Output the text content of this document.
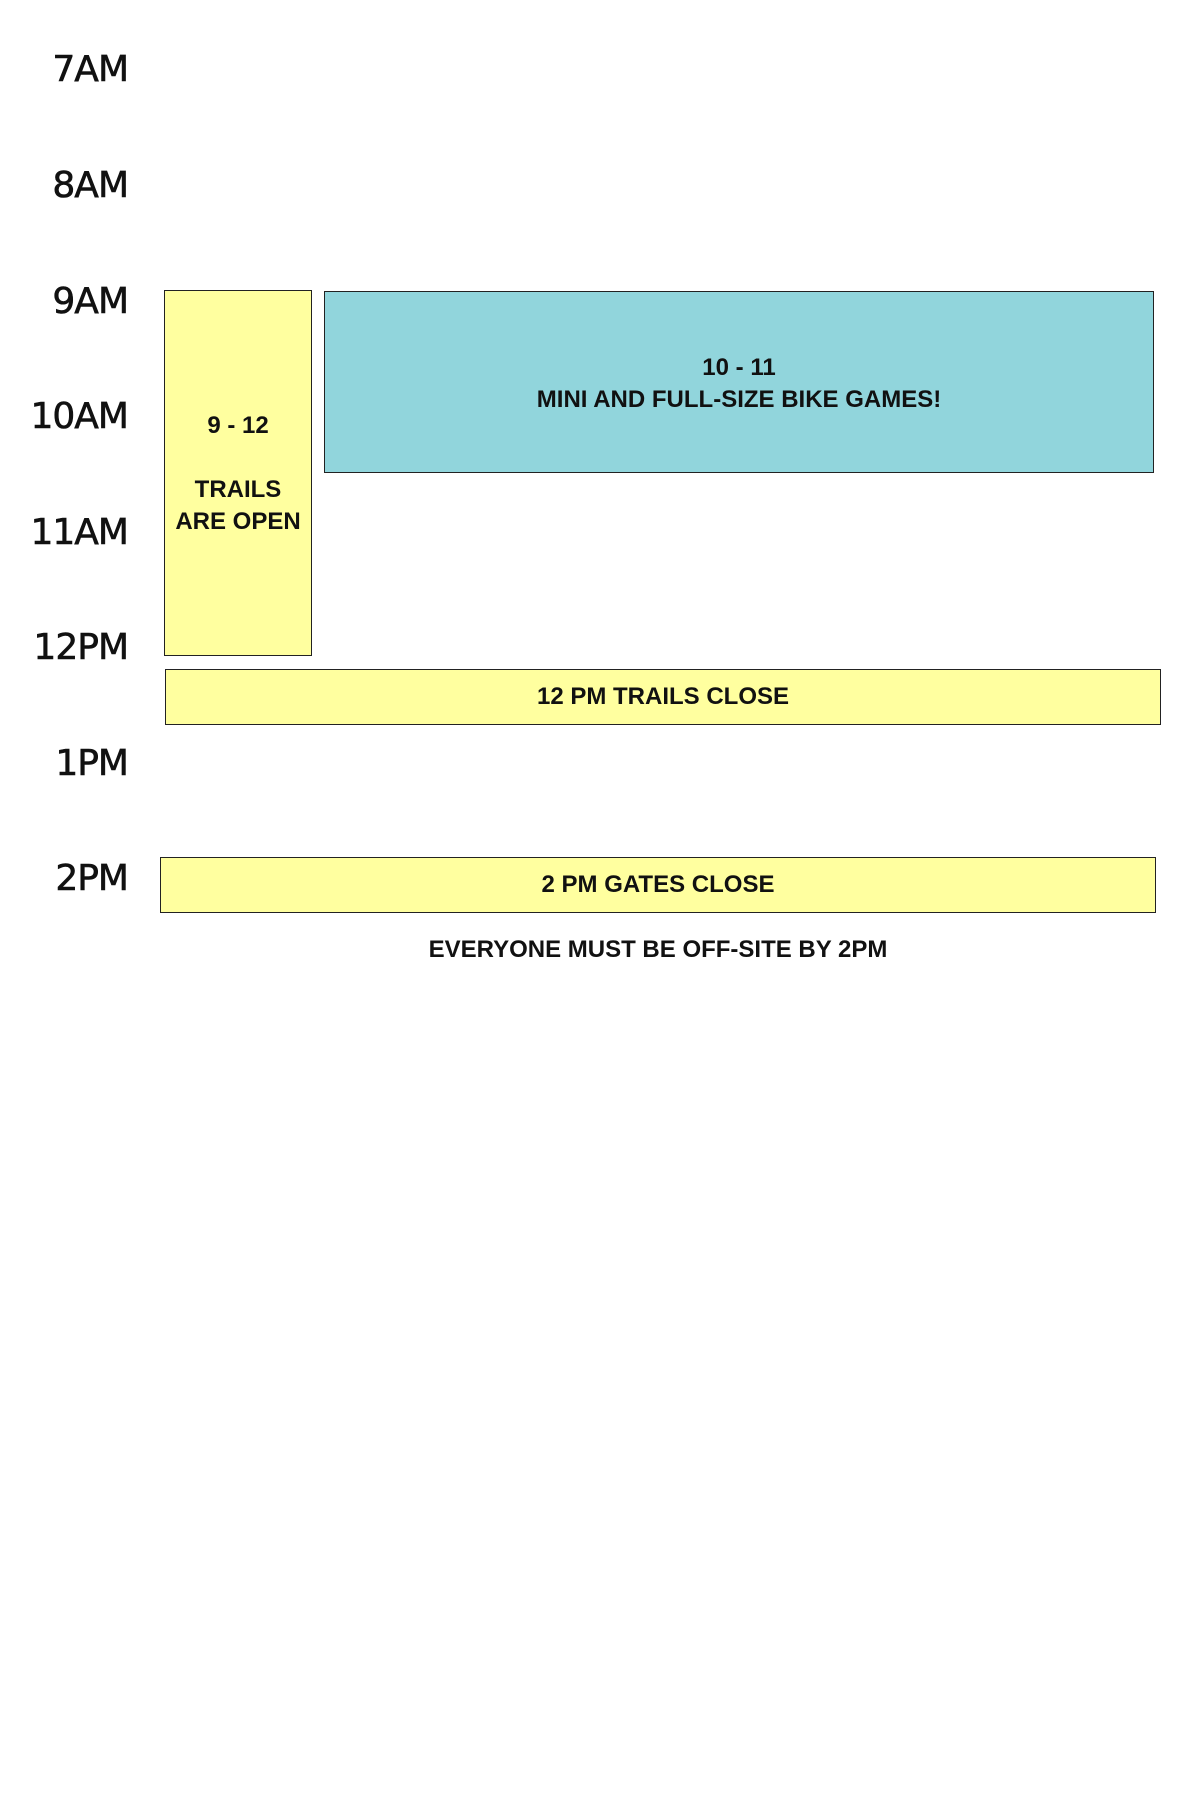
7AM
8AM
9AM
10AM
11AM
12PM
1PM
2PM
9 - 12
TRAILS ARE OPEN
10 - 11
MINI AND FULL-SIZE BIKE GAMES!
12 PM TRAILS CLOSE
2 PM GATES CLOSE
EVERYONE MUST BE OFF-SITE BY 2PM
